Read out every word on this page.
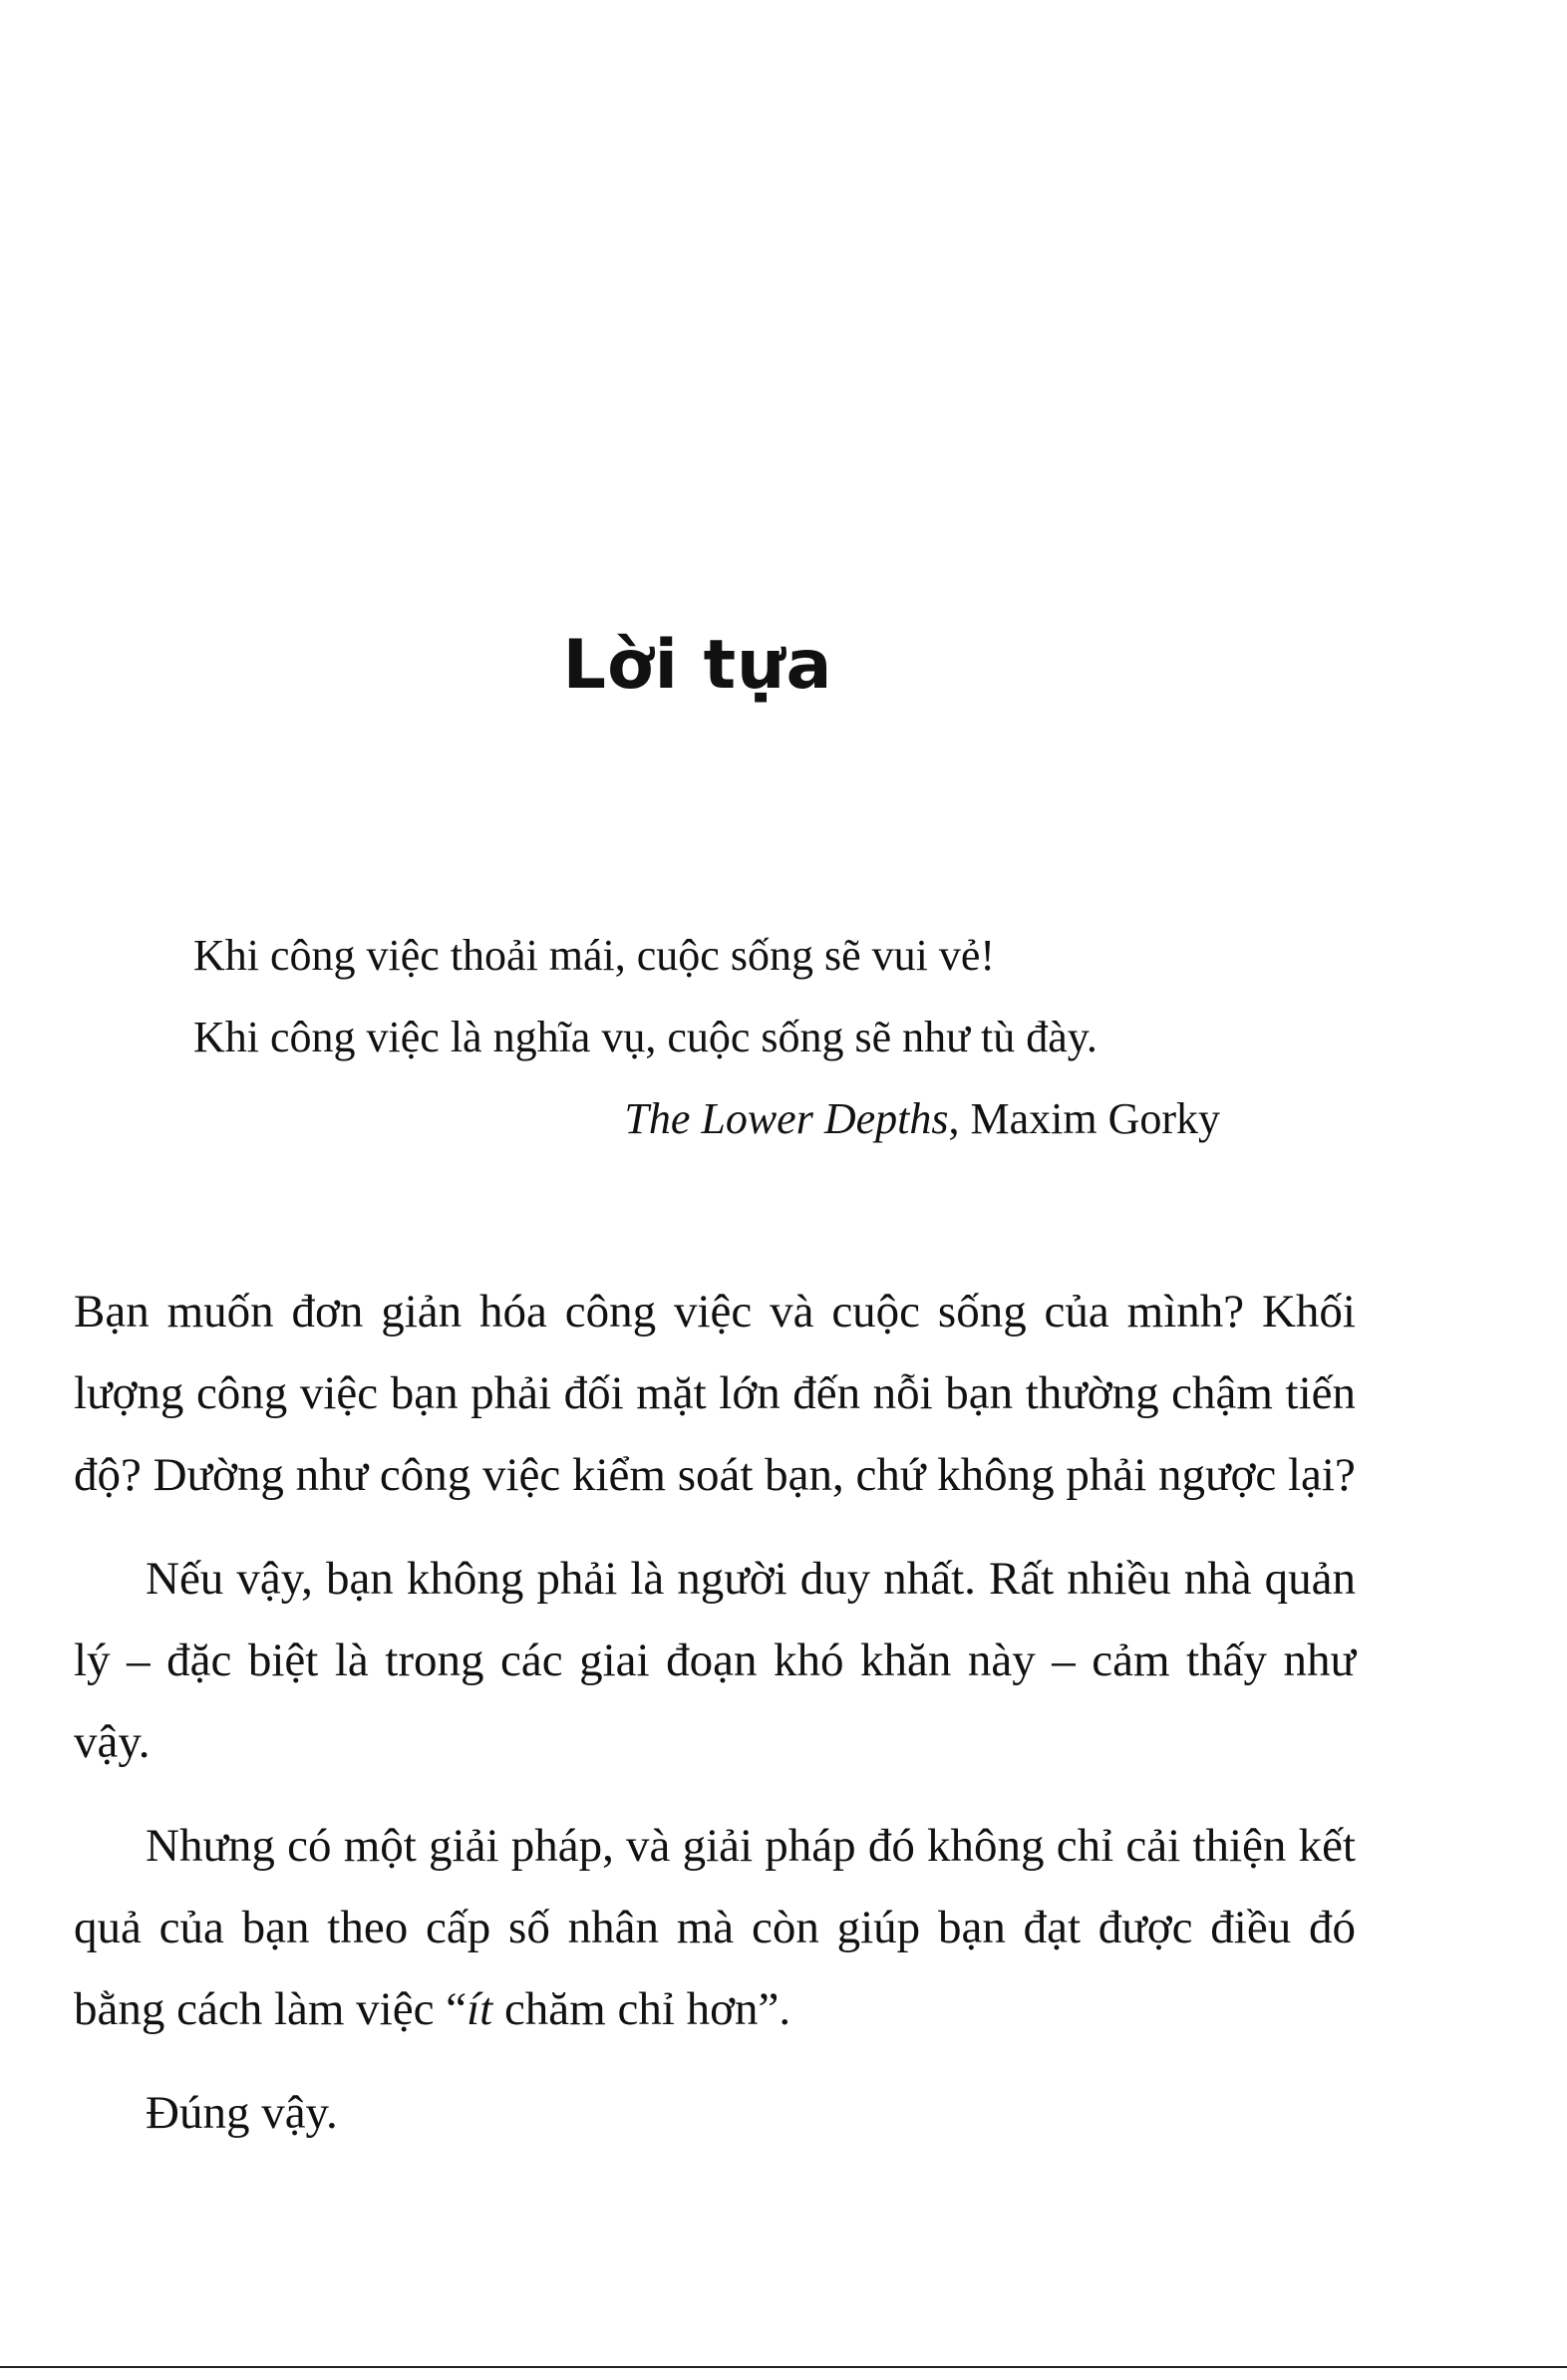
Lời tựa
Khi công việc thoải mái, cuộc sống sẽ vui vẻ!
Khi công việc là nghĩa vụ, cuộc sống sẽ như tù đày.
The Lower Depths, Maxim Gorky

Bạn muốn đơn giản hóa công việc và cuộc sống của mình? Khối lượng công việc bạn phải đối mặt lớn đến nỗi bạn thường chậm tiến độ? Dường như công việc kiểm soát bạn, chứ không phải ngược lại?

Nếu vậy, bạn không phải là người duy nhất. Rất nhiều nhà quản lý – đặc biệt là trong các giai đoạn khó khăn này – cảm thấy như vậy.

Nhưng có một giải pháp, và giải pháp đó không chỉ cải thiện kết quả của bạn theo cấp số nhân mà còn giúp bạn đạt được điều đó bằng cách làm việc “ít chăm chỉ hơn”.

Đúng vậy.
